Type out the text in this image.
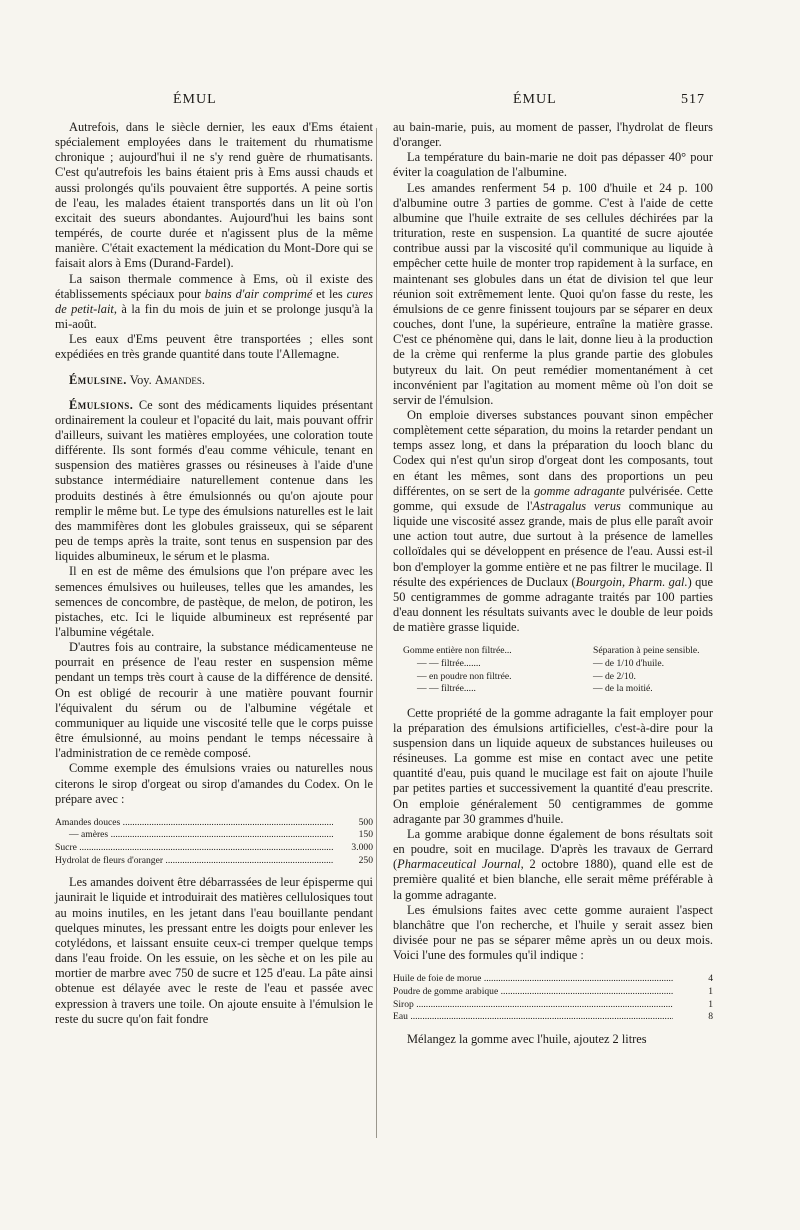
ÉMUL	ÉMUL	517

Autrefois, dans le siècle dernier, les eaux d'Ems étaient spécialement employées dans le traitement du rhumatisme chronique ; aujourd'hui il ne s'y rend guère de rhumatisants. C'est qu'autrefois les bains étaient pris à Ems aussi chauds et aussi prolongés qu'ils pouvaient être supportés. A peine sortis de l'eau, les malades étaient transportés dans un lit où l'on excitait des sueurs abondantes. Aujourd'hui les bains sont tempérés, de courte durée et n'agissent plus de la même manière. C'était exactement la médication du Mont-Dore qui se faisait alors à Ems (Durand-Fardel).

La saison thermale commence à Ems, où il existe des établissements spéciaux pour bains d'air comprimé et les cures de petit-lait, à la fin du mois de juin et se prolonge jusqu'à la mi-août.

Les eaux d'Ems peuvent être transportées ; elles sont expédiées en très grande quantité dans toute l'Allemagne.

Émulsine. Voy. Amandes.

Émulsions. Ce sont des médicaments liquides présentant ordinairement la couleur et l'opacité du lait, mais pouvant offrir d'ailleurs, suivant les matières employées, une coloration toute différente. Ils sont formés d'eau comme véhicule, tenant en suspension des matières grasses ou résineuses à l'aide d'une substance intermédiaire naturellement contenue dans les produits destinés à être émulsionnés ou qu'on ajoute pour remplir le même but. Le type des émulsions naturelles est le lait des mammifères dont les globules graisseux, qui se séparent peu de temps après la traite, sont tenus en suspension par des liquides albumineux, le sérum et le plasma.

Il en est de même des émulsions que l'on prépare avec les semences émulsives ou huileuses, telles que les amandes, les semences de concombre, de pastèque, de melon, de potiron, les pistaches, etc. Ici le liquide albumineux est représenté par l'albumine végétale.

D'autres fois au contraire, la substance médicamenteuse ne pourrait en présence de l'eau rester en suspension même pendant un temps très court à cause de la différence de densité. On est obligé de recourir à une matière pouvant fournir l'équivalent du sérum ou de l'albumine végétale et communiquer au liquide une viscosité telle que le corps puisse être émulsionné, au moins pendant le temps nécessaire à l'administration de ce remède composé.

Comme exemple des émulsions vraies ou naturelles nous citerons le sirop d'orgeat ou sirop d'amandes du Codex. On le prépare avec :

Amandes douces .....	500
— amères .....	150
Sucre .....	3.000
Hydrolat de fleurs d'oranger .....	250

Les amandes doivent être débarrassées de leur épisperme qui jaunirait le liquide et introduirait des matières cellulosiques tout au moins inutiles, en les jetant dans l'eau bouillante pendant quelques minutes, les pressant entre les doigts pour enlever les cotylédons, et laissant ensuite ceux-ci tremper quelque temps dans l'eau froide. On les essuie, on les sèche et on les pile au mortier de marbre avec 750 de sucre et 125 d'eau. La pâte ainsi obtenue est délayée avec le reste de l'eau et passée avec expression à travers une toile. On ajoute ensuite à l'émulsion le reste du sucre qu'on fait fondre

au bain-marie, puis, au moment de passer, l'hydrolat de fleurs d'oranger.

La température du bain-marie ne doit pas dépasser 40° pour éviter la coagulation de l'albumine.

Les amandes renferment 54 p. 100 d'huile et 24 p. 100 d'albumine outre 3 parties de gomme. C'est à l'aide de cette albumine que l'huile extraite de ses cellules déchirées par la trituration, reste en suspension. La quantité de sucre ajoutée contribue aussi par la viscosité qu'il communique au liquide à empêcher cette huile de monter trop rapidement à la surface, en maintenant ses globules dans un état de division tel que leur réunion soit extrêmement lente. Quoi qu'on fasse du reste, les émulsions de ce genre finissent toujours par se séparer en deux couches, dont l'une, la supérieure, entraîne la matière grasse. C'est ce phénomène qui, dans le lait, donne lieu à la production de la crème qui renferme la plus grande partie des globules butyreux du lait. On peut remédier momentanément à cet inconvénient par l'agitation au moment même où l'on doit se servir de l'émulsion.

On emploie diverses substances pouvant sinon empêcher complètement cette séparation, du moins la retarder pendant un temps assez long, et dans la préparation du looch blanc du Codex qui n'est qu'un sirop d'orgeat dont les composants, tout en étant les mêmes, sont dans des proportions un peu différentes, on se sert de la gomme adragante pulvérisée. Cette gomme, qui exsude de l'Astragalus verus communique au liquide une viscosité assez grande, mais de plus elle paraît avoir une action tout autre, due surtout à la présence de lamelles colloïdales qui se développent en présence de l'eau. Aussi est-il bon d'employer la gomme entière et ne pas filtrer le mucilage. Il résulte des expériences de Duclaux (Bourgoin, Pharm. gal.) que 50 centigrammes de gomme adragante traités par 100 parties d'eau donnent les résultats suivants avec le double de leur poids de matière grasse liquide.

Gomme entière non filtrée...	Séparation à peine sensible.
— — filtrée.......	— de 1/10 d'huile.
— en poudre non filtrée.	— de 2/10.
— — filtrée.....	— de la moitié.

Cette propriété de la gomme adragante la fait employer pour la préparation des émulsions artificielles, c'est-à-dire pour la suspension dans un liquide aqueux de substances huileuses ou résineuses. La gomme est mise en contact avec une petite quantité d'eau, puis quand le mucilage est fait on ajoute l'huile par petites parties et successivement la quantité d'eau prescrite. On emploie généralement 50 centigrammes de gomme adragante par 30 grammes d'huile.

La gomme arabique donne également de bons résultats soit en poudre, soit en mucilage. D'après les travaux de Gerrard (Pharmaceutical Journal, 2 octobre 1880), quand elle est de première qualité et bien blanche, elle serait même préférable à la gomme adragante.

Les émulsions faites avec cette gomme auraient l'aspect blanchâtre que l'on recherche, et l'huile y serait assez bien divisée pour ne pas se séparer même après un ou deux mois. Voici l'une des formules qu'il indique :

Huile de foie de morue .....	4
Poudre de gomme arabique .....	1
Sirop .....	1
Eau .....	8

Mélangez la gomme avec l'huile, ajoutez 2 litres
